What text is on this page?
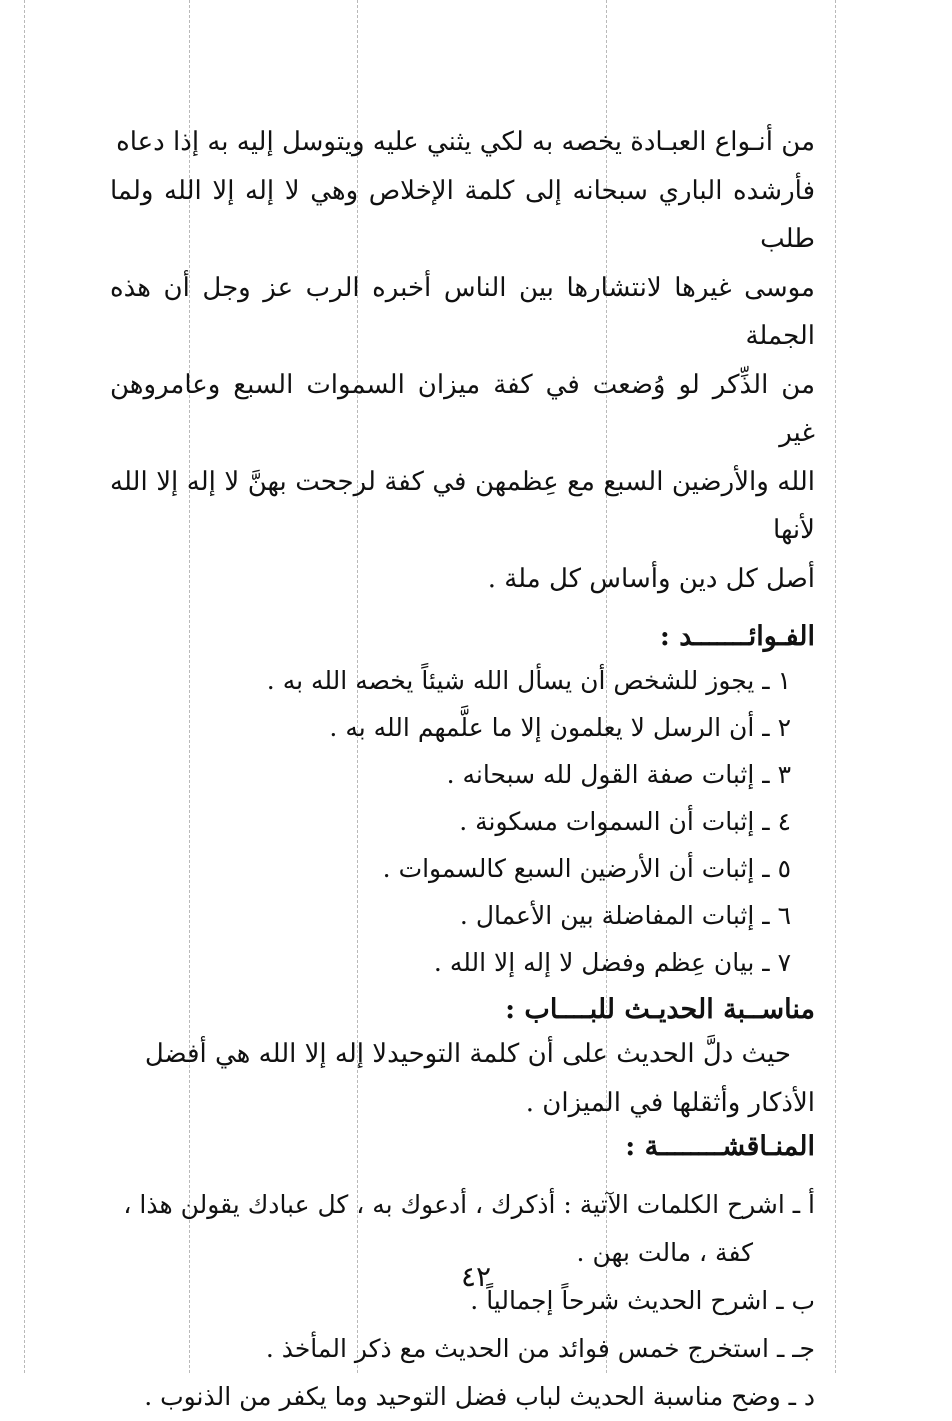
من أنـواع العبـادة يخصه به لكي يثني عليه ويتوسل إليه به إذا دعاه

فأرشده الباري سبحانه إلى كلمة الإخلاص وهي لا إله إلا الله ولما طلب

موسى غيرها لانتشارها بين الناس أخبره الرب عز وجل أن هذه الجملة

من الذِّكر لو وُضعت في كفة ميزان السموات السبع وعامروهن غير

الله والأرضين السبع مع عِظمهن في كفة لرجحت بهنَّ لا إله إلا الله لأنها

أصل كل دين وأساس كل ملة .

الفـوائـــــــد :
١ ـ يجوز للشخص أن يسأل الله شيئاً يخصه الله به .
٢ ـ أن الرسل لا يعلمون إلا ما علَّمهم الله به .
٣ ـ إثبات صفة القول لله سبحانه .
٤ ـ إثبات أن السموات مسكونة .
٥ ـ إثبات أن الأرضين السبع كالسموات .
٦ ـ إثبات المفاضلة بين الأعمال .
٧ ـ بيان عِظم وفضل لا إله إلا الله .
مناســبة الحديـث للبــــاب :

حيث دلَّ الحديث على أن كلمة التوحيدلا إله إلا الله هي أفضل

الأذكار وأثقلها في الميزان .

المنـاقشــــــــة :
أ ـ اشرح الكلمات الآتية : أذكرك ، أدعوك به ، كل عبادك يقولن هذا ،
كفة ، مالت بهن .
ب ـ اشرح الحديث شرحاً إجمالياً .
جـ ـ استخرج خمس فوائد من الحديث مع ذكر المأخذ .
د ـ وضح مناسبة الحديث لباب فضل التوحيد وما يكفر من الذنوب .
٤٢
